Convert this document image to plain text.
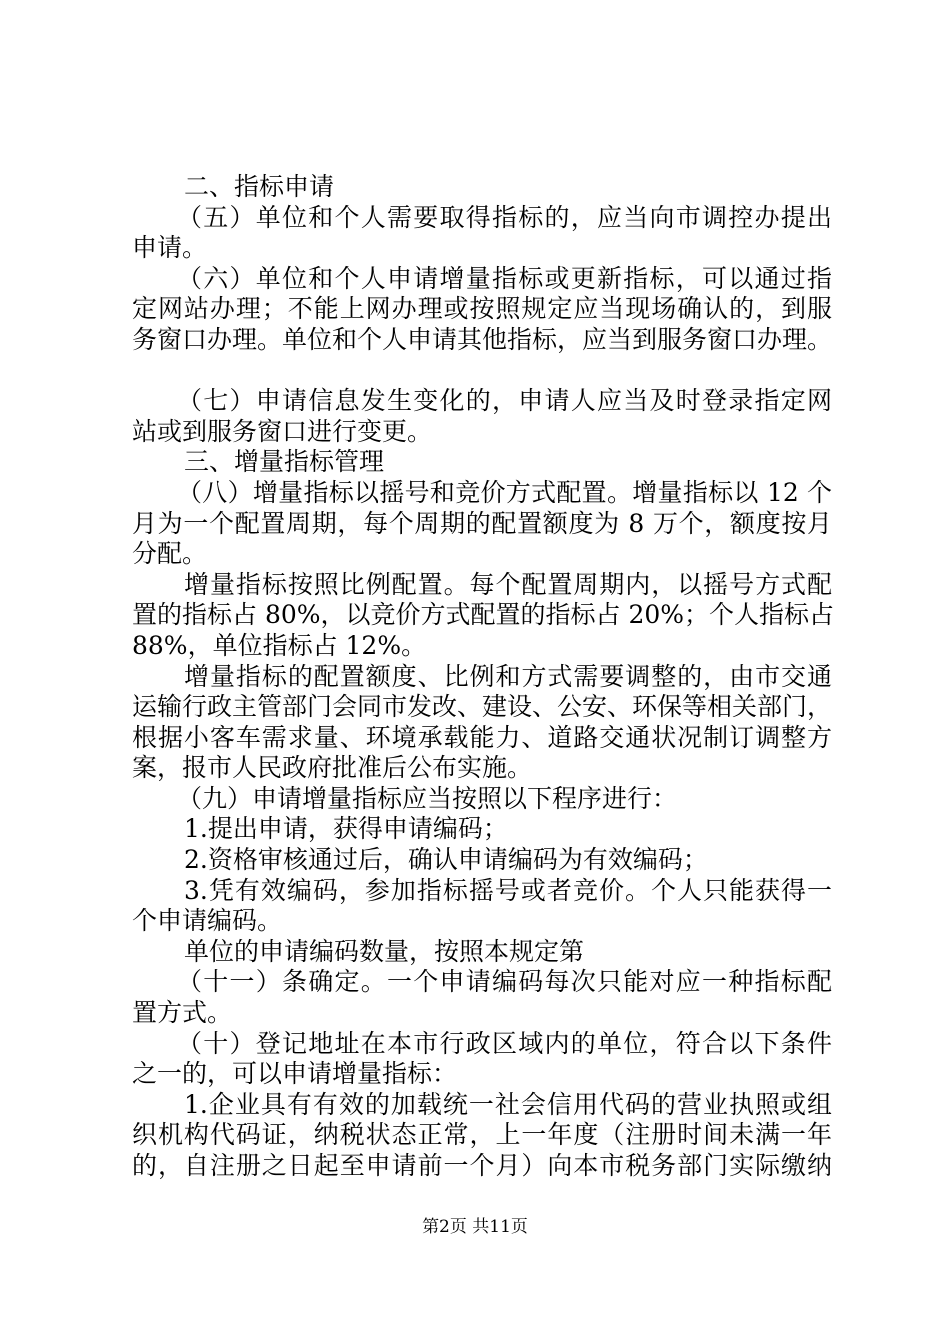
二、指标申请
（五）单位和个人需要取得指标的，应当向市调控办提出
申请。
（六）单位和个人申请增量指标或更新指标，可以通过指
定网站办理；不能上网办理或按照规定应当现场确认的，到服
务窗口办理。单位和个人申请其他指标，应当到服务窗口办理。
（七）申请信息发生变化的，申请人应当及时登录指定网
站或到服务窗口进行变更。
三、增量指标管理
（八）增量指标以摇号和竞价方式配置。增量指标以 12 个
月为一个配置周期，每个周期的配置额度为 8 万个，额度按月
分配。
增量指标按照比例配置。每个配置周期内，以摇号方式配
置的指标占 80%，以竞价方式配置的指标占 20%；个人指标占
88%，单位指标占 12%。
增量指标的配置额度、比例和方式需要调整的，由市交通
运输行政主管部门会同市发改、建设、公安、环保等相关部门，
根据小客车需求量、环境承载能力、道路交通状况制订调整方
案，报市人民政府批准后公布实施。
（九）申请增量指标应当按照以下程序进行：
1.提出申请，获得申请编码；
2.资格审核通过后，确认申请编码为有效编码；
3.凭有效编码，参加指标摇号或者竞价。个人只能获得一
个申请编码。
单位的申请编码数量，按照本规定第
（十一）条确定。一个申请编码每次只能对应一种指标配
置方式。
（十）登记地址在本市行政区域内的单位，符合以下条件
之一的，可以申请增量指标：
1.企业具有有效的加载统一社会信用代码的营业执照或组
织机构代码证，纳税状态正常，上一年度（注册时间未满一年
的，自注册之日起至申请前一个月）向本市税务部门实际缴纳
第2页 共11页
